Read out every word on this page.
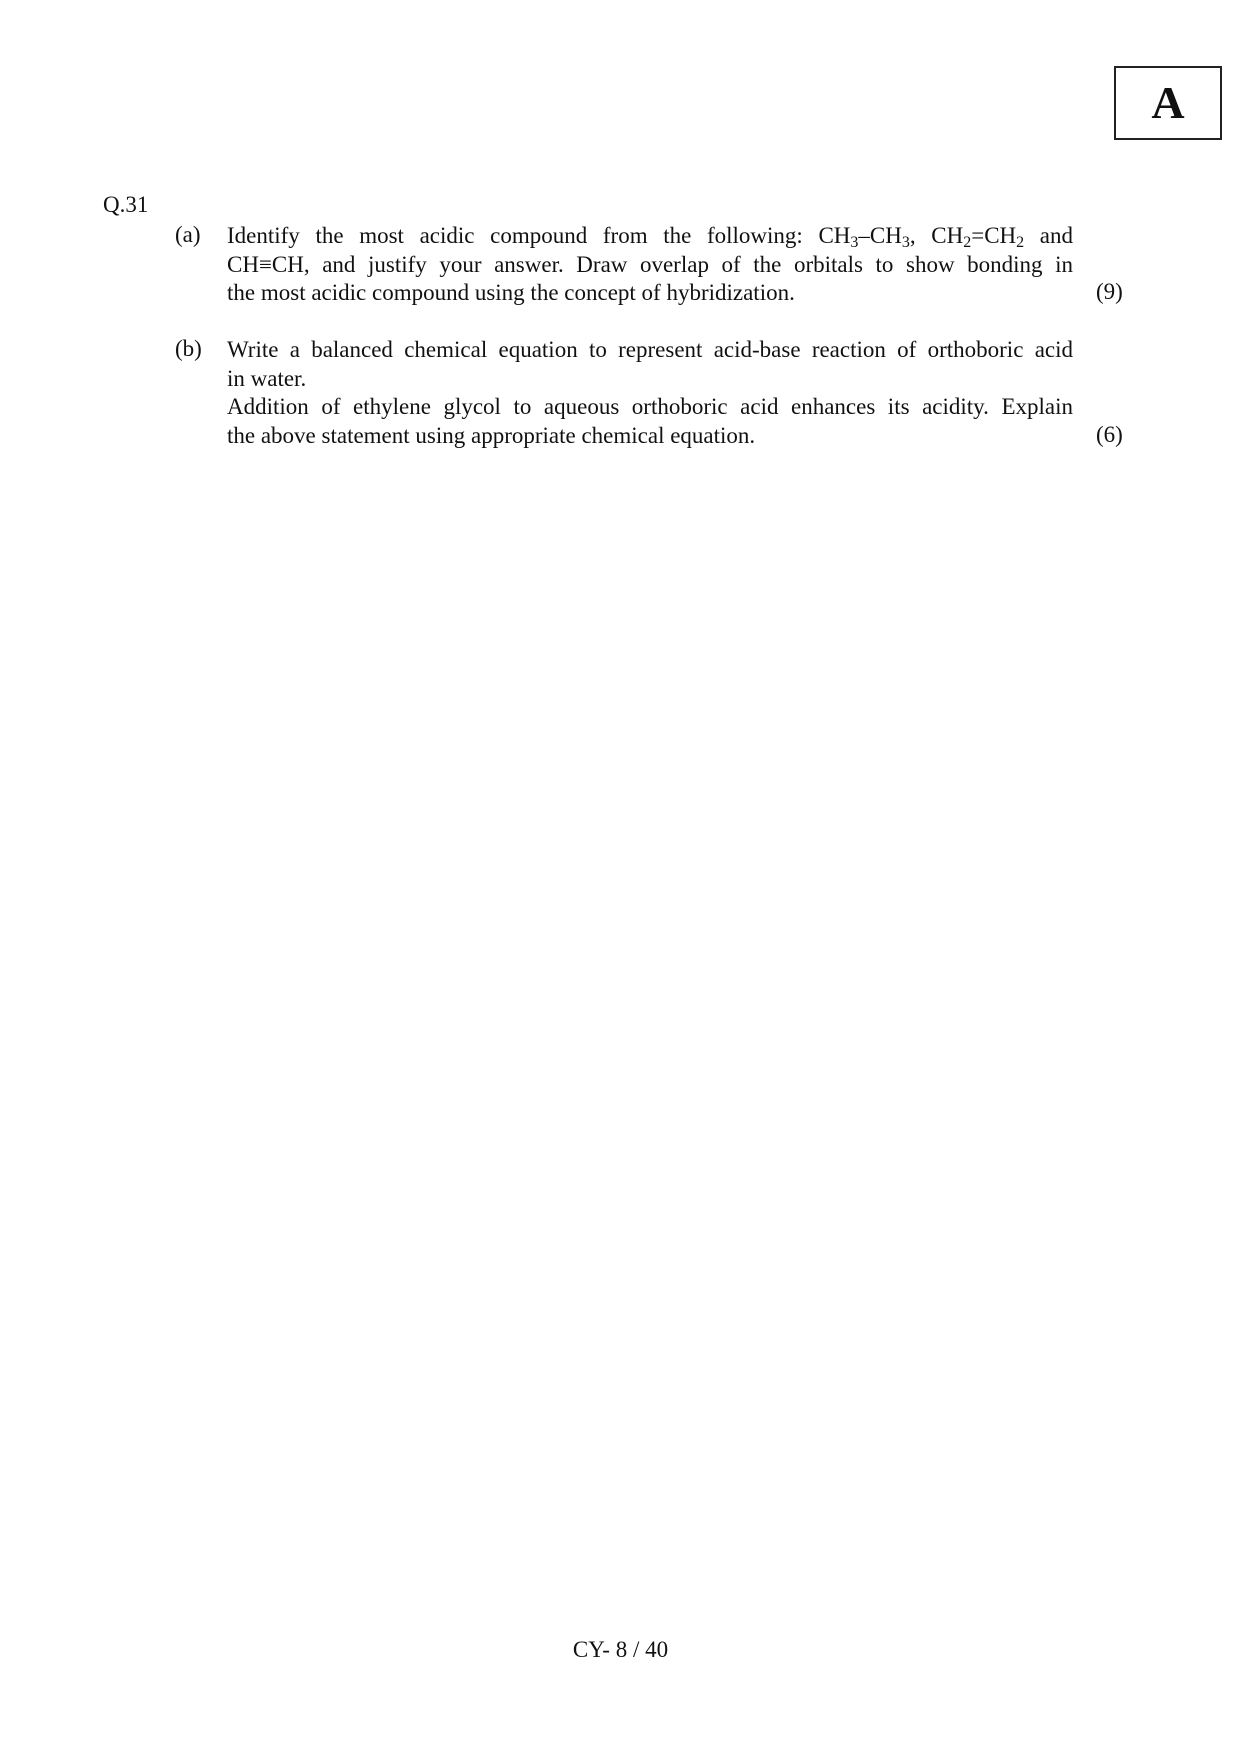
A
Q.31
(a) Identify the most acidic compound from the following: $CH_3-CH_3$, $CH_2=CH_2$ and
CH≡CH, and justify your answer. Draw overlap of the orbitals to show bonding in
the most acidic compound using the concept of hybridization.	(9)
(b) Write a balanced chemical equation to represent acid-base reaction of orthoboric acid
in water.
Addition of ethylene glycol to aqueous orthoboric acid enhances its acidity. Explain
the above statement using appropriate chemical equation.	(6)
CY- 8 / 40
